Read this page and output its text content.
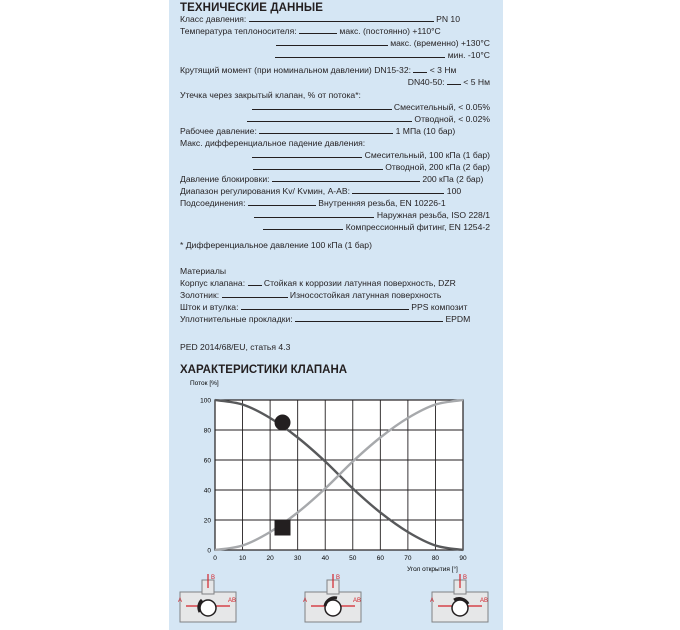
ТЕХНИЧЕСКИЕ ДАННЫЕ
Класс давления:	PN 10
Температура теплоносителя:	макс. (постоянно) +110°C
макс. (временно) +130°C
мин. -10°C
Крутящий момент (при номинальном давлении) DN15-32: < 3 Нм
DN40-50: < 5 Нм
Утечка через закрытый клапан, % от потока*:
Смесительный, < 0.05%
Отводной, < 0.02%
Рабочее давление:	1 МПа (10 бар)
Макс. дифференциальное падение давления:
Смесительный, 100 кПа (1 бар)
Отводной, 200 кПа (2 бар)
Давление блокировки:	200 кПа (2 бар)
Диапазон регулирования Kv/ Kvмин, А-АВ:	100
Подсоединения:	Внутренняя резьба, EN 10226-1
Наружная резьба, ISO 228/1
Компрессионный фитинг, EN 1254-2
* Дифференциальное давление 100 кПа (1 бар)
Материалы
Корпус клапана: Стойкая к коррозии латунная поверхность, DZR
Золотник:	Износостойкая латунная поверхность
Шток и втулка:	PPS композит
Уплотнительные прокладки:	EPDM
PED 2014/68/EU, статья 4.3
ХАРАКТЕРИСТИКИ КЛАПАНА
0	10	20	30	40	50	60	70	80	90
0
20
40
60
80
100
Поток [%]
Угол открытия [°]
A	AB
B
A	AB
B
A	AB
B
